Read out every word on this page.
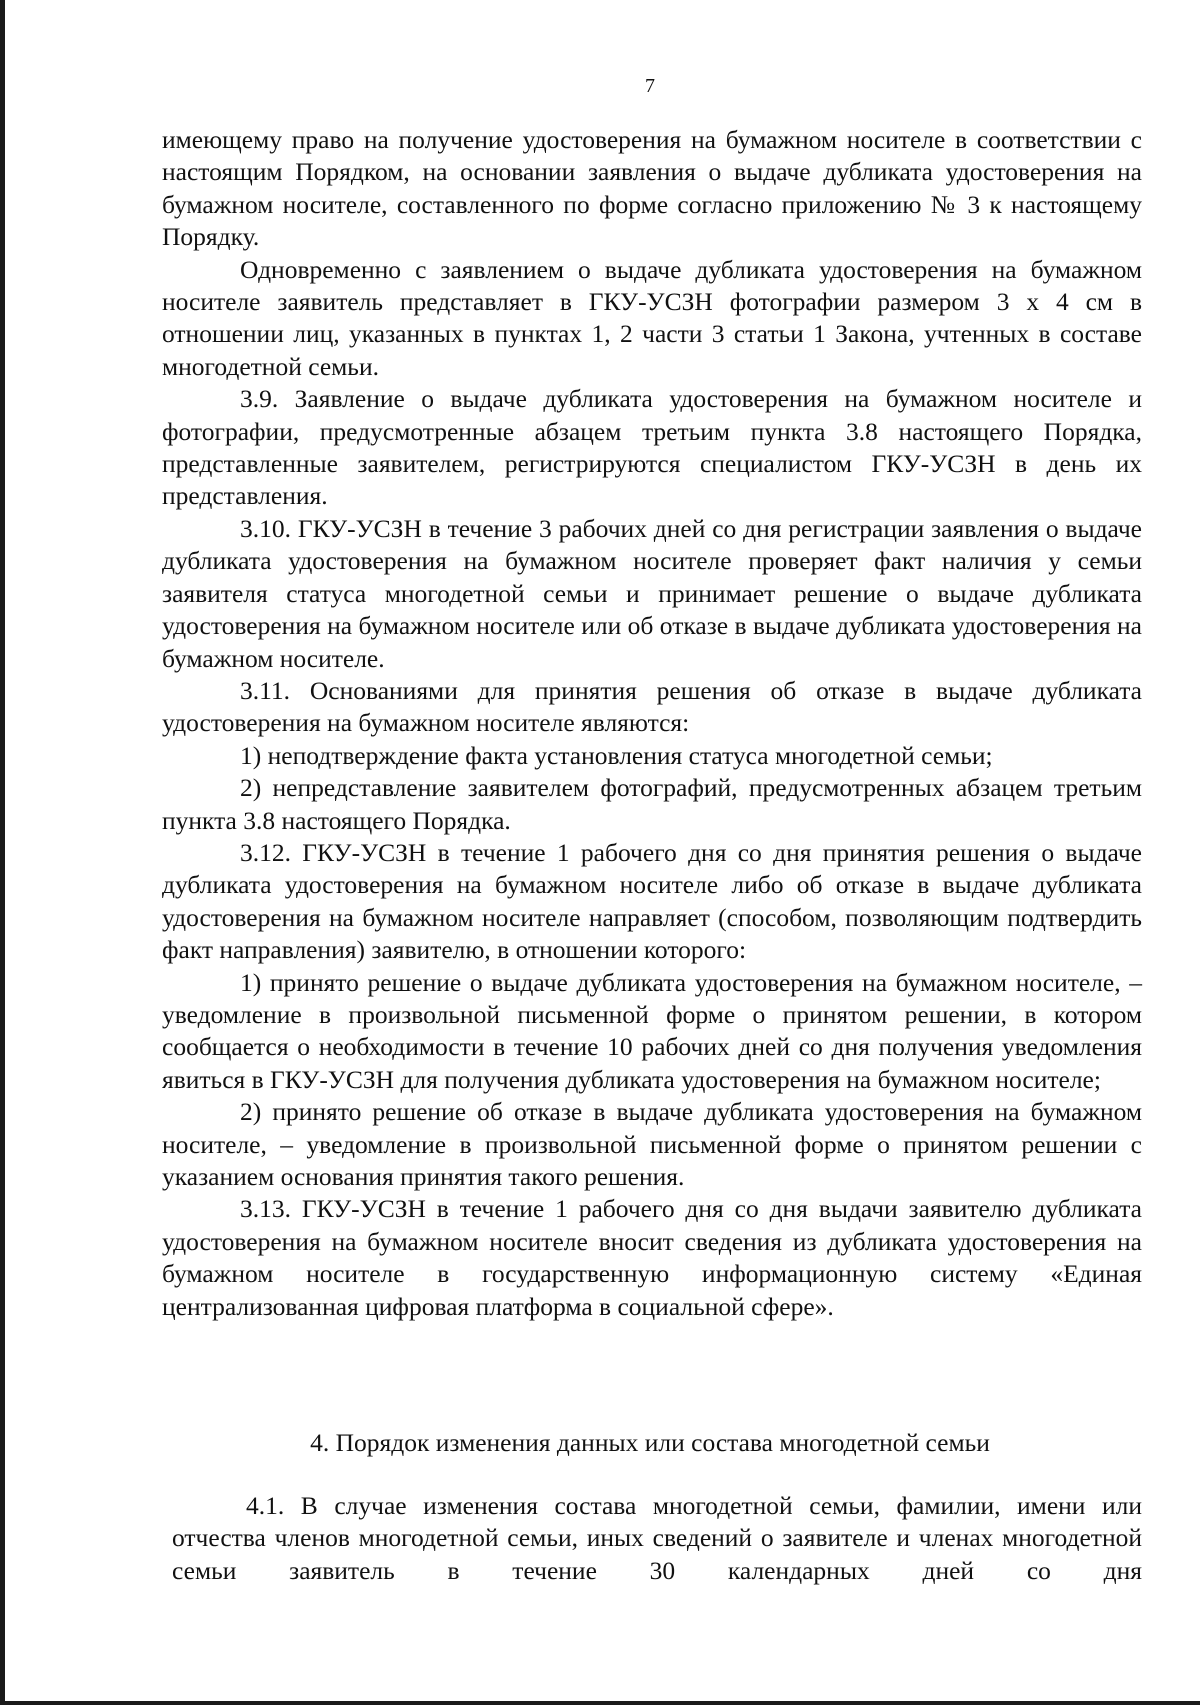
7

имеющему право на получение удостоверения на бумажном носителе в соответствии с настоящим Порядком, на основании заявления о выдаче дубликата удостоверения на бумажном носителе, составленного по форме согласно приложению № 3 к настоящему Порядку.

Одновременно с заявлением о выдаче дубликата удостоверения на бумажном носителе заявитель представляет в ГКУ-УСЗН фотографии размером 3 х 4 см в отношении лиц, указанных в пунктах 1, 2 части 3 статьи 1 Закона, учтенных в составе многодетной семьи.

3.9. Заявление о выдаче дубликата удостоверения на бумажном носителе и фотографии, предусмотренные абзацем третьим пункта 3.8 настоящего Порядка, представленные заявителем, регистрируются специалистом ГКУ-УСЗН в день их представления.

3.10. ГКУ-УСЗН в течение 3 рабочих дней со дня регистрации заявления о выдаче дубликата удостоверения на бумажном носителе проверяет факт наличия у семьи заявителя статуса многодетной семьи и принимает решение о выдаче дубликата удостоверения на бумажном носителе или об отказе в выдаче дубликата удостоверения на бумажном носителе.

3.11. Основаниями для принятия решения об отказе в выдаче дубликата удостоверения на бумажном носителе являются:

1) неподтверждение факта установления статуса многодетной семьи;

2) непредставление заявителем фотографий, предусмотренных абзацем третьим пункта 3.8 настоящего Порядка.

3.12. ГКУ-УСЗН в течение 1 рабочего дня со дня принятия решения о выдаче дубликата удостоверения на бумажном носителе либо об отказе в выдаче дубликата удостоверения на бумажном носителе направляет (способом, позволяющим подтвердить факт направления) заявителю, в отношении которого:

1) принято решение о выдаче дубликата удостоверения на бумажном носителе, – уведомление в произвольной письменной форме о принятом решении, в котором сообщается о необходимости в течение 10 рабочих дней со дня получения уведомления явиться в ГКУ-УСЗН для получения дубликата удостоверения на бумажном носителе;

2) принято решение об отказе в выдаче дубликата удостоверения на бумажном носителе, – уведомление в произвольной письменной форме о принятом решении с указанием основания принятия такого решения.

3.13. ГКУ-УСЗН в течение 1 рабочего дня со дня выдачи заявителю дубликата удостоверения на бумажном носителе вносит сведения из дубликата удостоверения на бумажном носителе в государственную информационную систему «Единая централизованная цифровая платформа в социальной сфере».

4. Порядок изменения данных или состава многодетной семьи

4.1. В случае изменения состава многодетной семьи, фамилии, имени или отчества членов многодетной семьи, иных сведений о заявителе и членах многодетной семьи заявитель в течение 30 календарных дней со дня
